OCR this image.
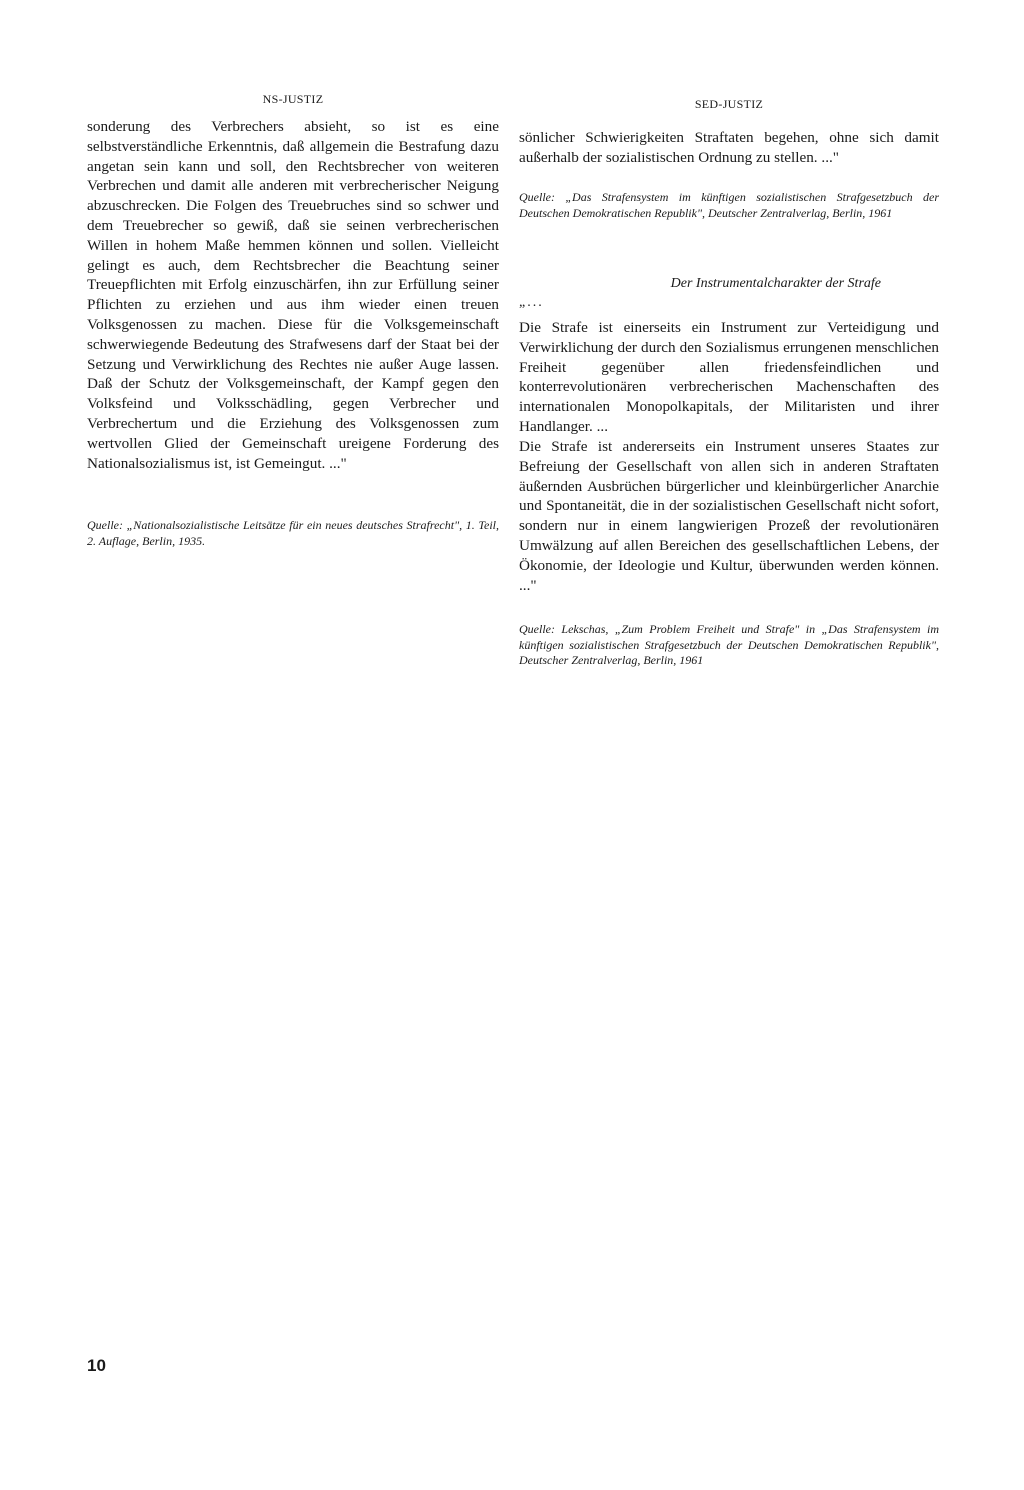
NS-JUSTIZ

sonderung des Verbrechers absieht, so ist es eine selbstverständliche Erkenntnis, daß allgemein die Bestrafung dazu angetan sein kann und soll, den Rechtsbrecher von weiteren Verbrechen und damit alle anderen mit verbrecherischer Neigung abzuschrecken. Die Folgen des Treuebruches sind so schwer und dem Treuebrecher so gewiß, daß sie seinen verbrecherischen Willen in hohem Maße hemmen können und sollen. Vielleicht gelingt es auch, dem Rechtsbrecher die Beachtung seiner Treuepflichten mit Erfolg einzuschärfen, ihn zur Erfüllung seiner Pflichten zu erziehen und aus ihm wieder einen treuen Volksgenossen zu machen. Diese für die Volksgemeinschaft schwerwiegende Bedeutung des Strafwesens darf der Staat bei der Setzung und Verwirklichung des Rechtes nie außer Auge lassen. Daß der Schutz der Volksgemeinschaft, der Kampf gegen den Volksfeind und Volksschädling, gegen Verbrecher und Verbrechertum und die Erziehung des Volksgenossen zum wertvollen Glied der Gemeinschaft ureigene Forderung des Nationalsozialismus ist, ist Gemeingut. ..."

Quelle: „Nationalsozialistische Leitsätze für ein neues deutsches Strafrecht", 1. Teil, 2. Auflage, Berlin, 1935.

SED-JUSTIZ

sönlicher Schwierigkeiten Straftaten begehen, ohne sich damit außerhalb der sozialistischen Ordnung zu stellen. ..."

Quelle: „Das Strafensystem im künftigen sozialistischen Strafgesetzbuch der Deutschen Demokratischen Republik", Deutscher Zentralverlag, Berlin, 1961

Der Instrumentalcharakter der Strafe
„...

Die Strafe ist einerseits ein Instrument zur Verteidigung und Verwirklichung der durch den Sozialismus errungenen menschlichen Freiheit gegenüber allen friedensfeindlichen und konterrevolutionären verbrecherischen Machenschaften des internationalen Monopolkapitals, der Militaristen und ihrer Handlanger. ...

Die Strafe ist andererseits ein Instrument unseres Staates zur Befreiung der Gesellschaft von allen sich in anderen Straftaten äußernden Ausbrüchen bürgerlicher und kleinbürgerlicher Anarchie und Spontaneität, die in der sozialistischen Gesellschaft nicht sofort, sondern nur in einem langwierigen Prozeß der revolutionären Umwälzung auf allen Bereichen des gesellschaftlichen Lebens, der Ökonomie, der Ideologie und Kultur, überwunden werden können. ..."

Quelle: Lekschas, „Zum Problem Freiheit und Strafe" in „Das Strafensystem im künftigen sozialistischen Strafgesetzbuch der Deutschen Demokratischen Republik", Deutscher Zentralverlag, Berlin, 1961

10
